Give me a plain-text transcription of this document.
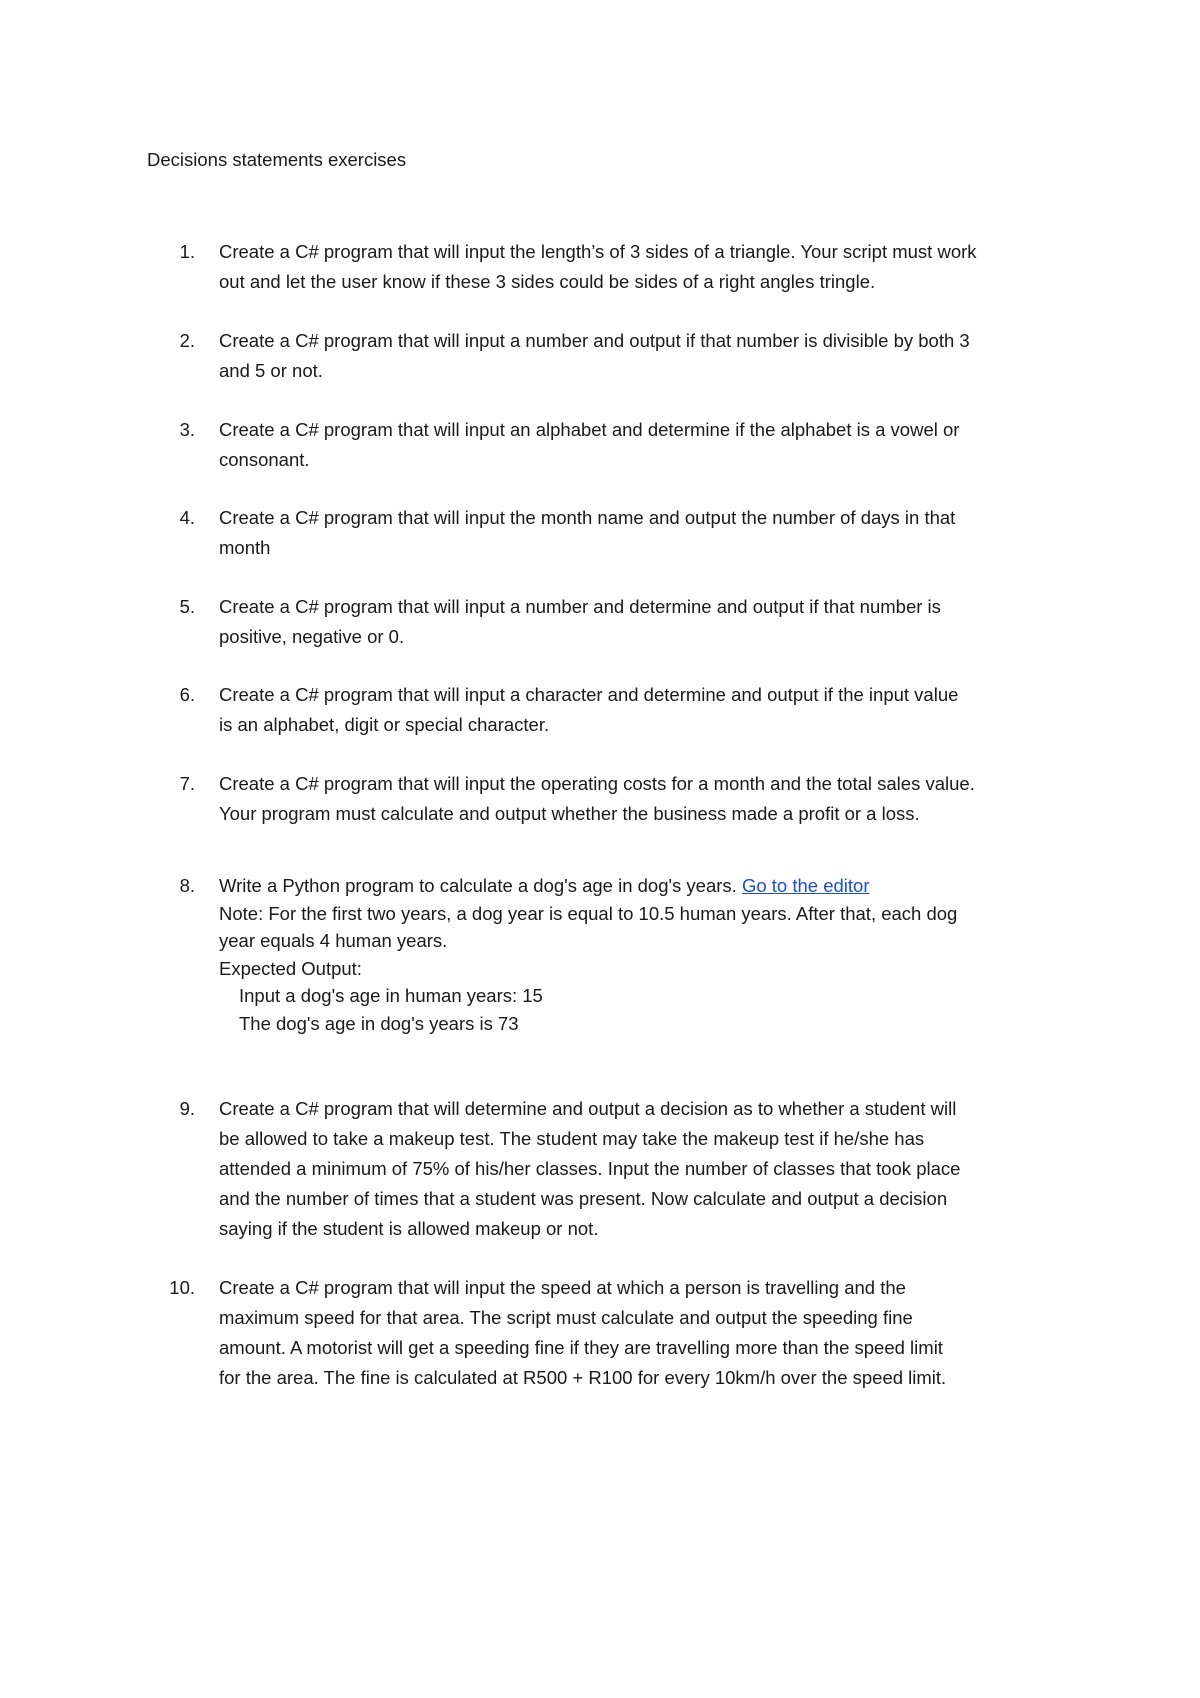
Decisions statements exercises
1. Create a C# program that will input the length’s of 3 sides of a triangle. Your script must work
out and let the user know if these 3 sides could be sides of a right angles tringle.
2. Create a C# program that will input a number and output if that number is divisible by both 3
and 5 or not.
3. Create a C# program that will input an alphabet and determine if the alphabet is a vowel or
consonant.
4. Create a C# program that will input the month name and output the number of days in that
month
5. Create a C# program that will input a number and determine and output if that number is
positive, negative or 0.
6. Create a C# program that will input a character and determine and output if the input value
is an alphabet, digit or special character.
7. Create a C# program that will input the operating costs for a month and the total sales value.
Your program must calculate and output whether the business made a profit or a loss.
8. Write a Python program to calculate a dog's age in dog's years. Go to the editor
Note: For the first two years, a dog year is equal to 10.5 human years. After that, each dog
year equals 4 human years.
Expected Output:
Input a dog's age in human years: 15
The dog's age in dog's years is 73
9. Create a C# program that will determine and output a decision as to whether a student will
be allowed to take a makeup test. The student may take the makeup test if he/she has
attended a minimum of 75% of his/her classes. Input the number of classes that took place
and the number of times that a student was present. Now calculate and output a decision
saying if the student is allowed makeup or not.
10. Create a C# program that will input the speed at which a person is travelling and the
maximum speed for that area. The script must calculate and output the speeding fine
amount. A motorist will get a speeding fine if they are travelling more than the speed limit
for the area. The fine is calculated at R500 + R100 for every 10km/h over the speed limit.
